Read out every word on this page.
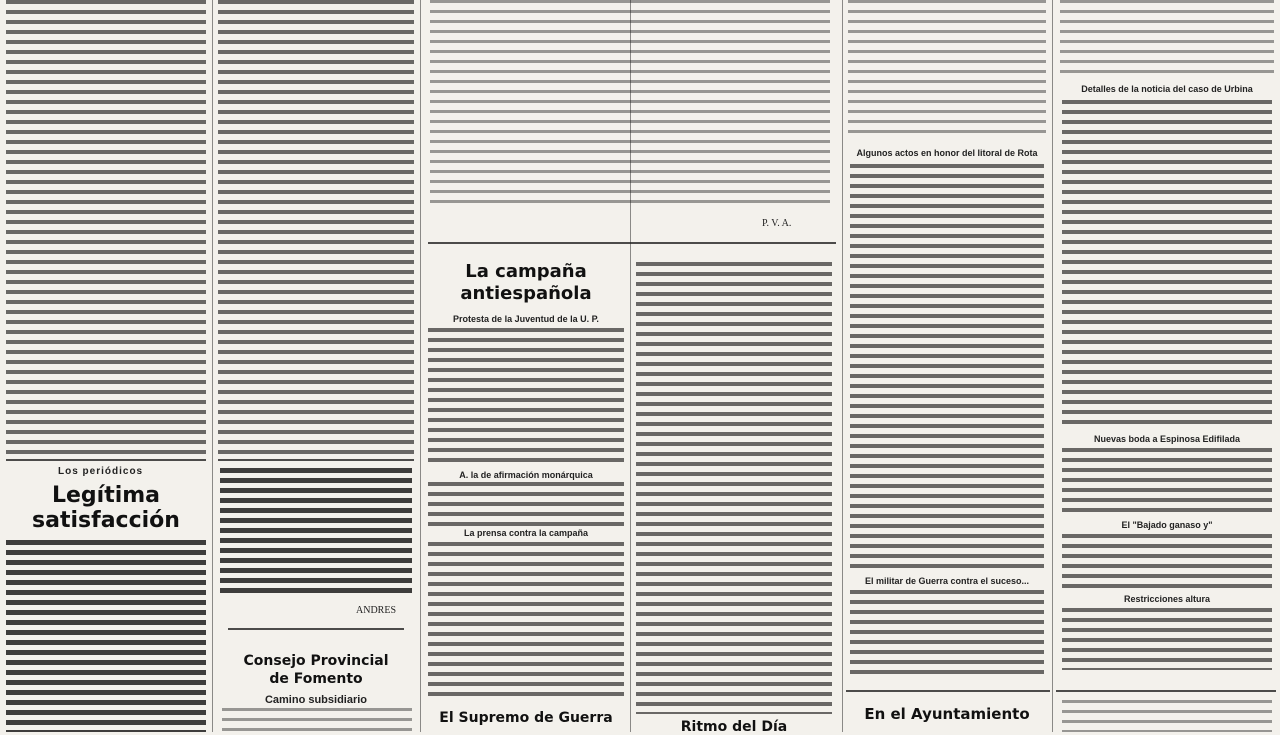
Los periódicos
Legítima
satisfacción
ANDRES
Consejo Provincial
de Fomento
Camino subsidiario
P. V. A.
La campaña
antiespañola
Protesta de la Juventud de la U. P.
A. la de afirmación monárquica
La prensa contra la campaña
El Supremo de Guerra
Ritmo del Día
Algunos actos en honor del litoral de Rota
El militar de Guerra contra el suceso...
En el Ayuntamiento
Detalles de la noticia del caso de Urbina
Nuevas boda a Espinosa Edifilada
El "Bajado ganaso y"
Restricciones altura
